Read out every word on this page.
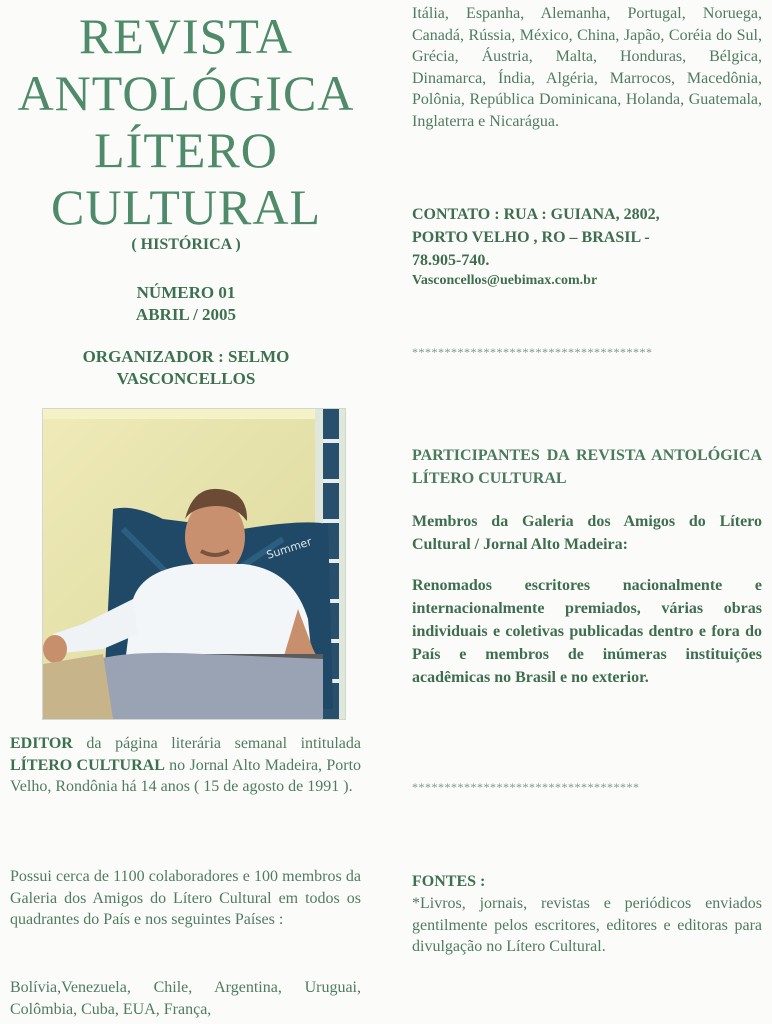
REVISTA
ANTOLÓGICA
LÍTERO
CULTURAL
( HISTÓRICA )
NÚMERO 01
ABRIL / 2005
ORGANIZADOR : SELMO
VASCONCELLOS
Summer
EDITOR da página literária semanal intitulada LÍTERO CULTURAL no Jornal Alto Madeira, Porto Velho, Rondônia há 14 anos ( 15 de agosto de 1991 ).
Possui cerca de 1100 colaboradores e 100 membros da Galeria dos Amigos do Lítero Cultural em todos os quadrantes do País e nos seguintes Países :
Bolívia,Venezuela, Chile, Argentina, Uruguai, Colômbia, Cuba, EUA, França,
Itália, Espanha, Alemanha, Portugal, Noruega, Canadá, Rússia, México, China, Japão, Coréia do Sul, Grécia, Áustria, Malta, Honduras, Bélgica, Dinamarca, Índia, Algéria, Marrocos, Macedônia, Polônia, República Dominicana, Holanda, Guatemala, Inglaterra e Nicarágua.
CONTATO : RUA : GUIANA, 2802,
PORTO VELHO , RO – BRASIL -
78.905-740.
Vasconcellos@uebimax.com.br
*************************************
PARTICIPANTES DA REVISTA ANTOLÓGICA LÍTERO CULTURAL
Membros da Galeria dos Amigos do Lítero Cultural / Jornal Alto Madeira:
Renomados escritores nacionalmente e internacionalmente premiados, várias obras individuais e coletivas publicadas dentro e fora do País e membros de inúmeras instituições acadêmicas no Brasil e no exterior.
***********************************
FONTES :
*Livros, jornais, revistas e periódicos enviados gentilmente pelos escritores, editores e editoras para divulgação no Lítero Cultural.
